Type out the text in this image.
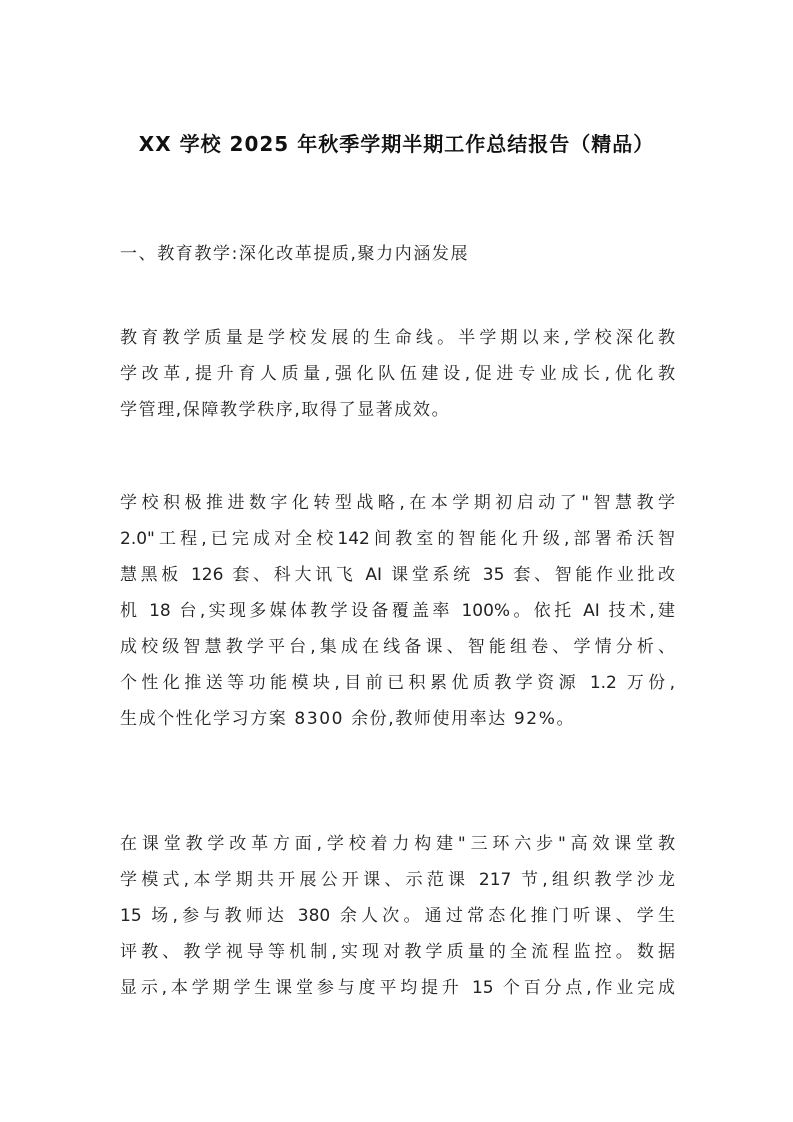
XX 学校 2025 年秋季学期半期工作总结报告（精品）
一、教育教学:深化改革提质,聚力内涵发展
教育教学质量是学校发展的生命线。半学期以来,学校深化教
学改革,提升育人质量,强化队伍建设,促进专业成长,优化教
学管理,保障教学秩序,取得了显著成效。
学校积极推进数字化转型战略,在本学期初启动了"智慧教学
2.0"工程,已完成对全校142间教室的智能化升级,部署希沃智
慧黑板 126 套、科大讯飞 AI 课堂系统 35 套、智能作业批改
机 18 台,实现多媒体教学设备覆盖率 100%。依托 AI 技术,建
成校级智慧教学平台,集成在线备课、智能组卷、学情分析、
个性化推送等功能模块,目前已积累优质教学资源 1.2 万份,
生成个性化学习方案 8300 余份,教师使用率达 92%。
在课堂教学改革方面,学校着力构建"三环六步"高效课堂教
学模式,本学期共开展公开课、示范课 217 节,组织教学沙龙
15 场,参与教师达 380 余人次。通过常态化推门听课、学生
评教、教学视导等机制,实现对教学质量的全流程监控。数据
显示,本学期学生课堂参与度平均提升 15 个百分点,作业完成
